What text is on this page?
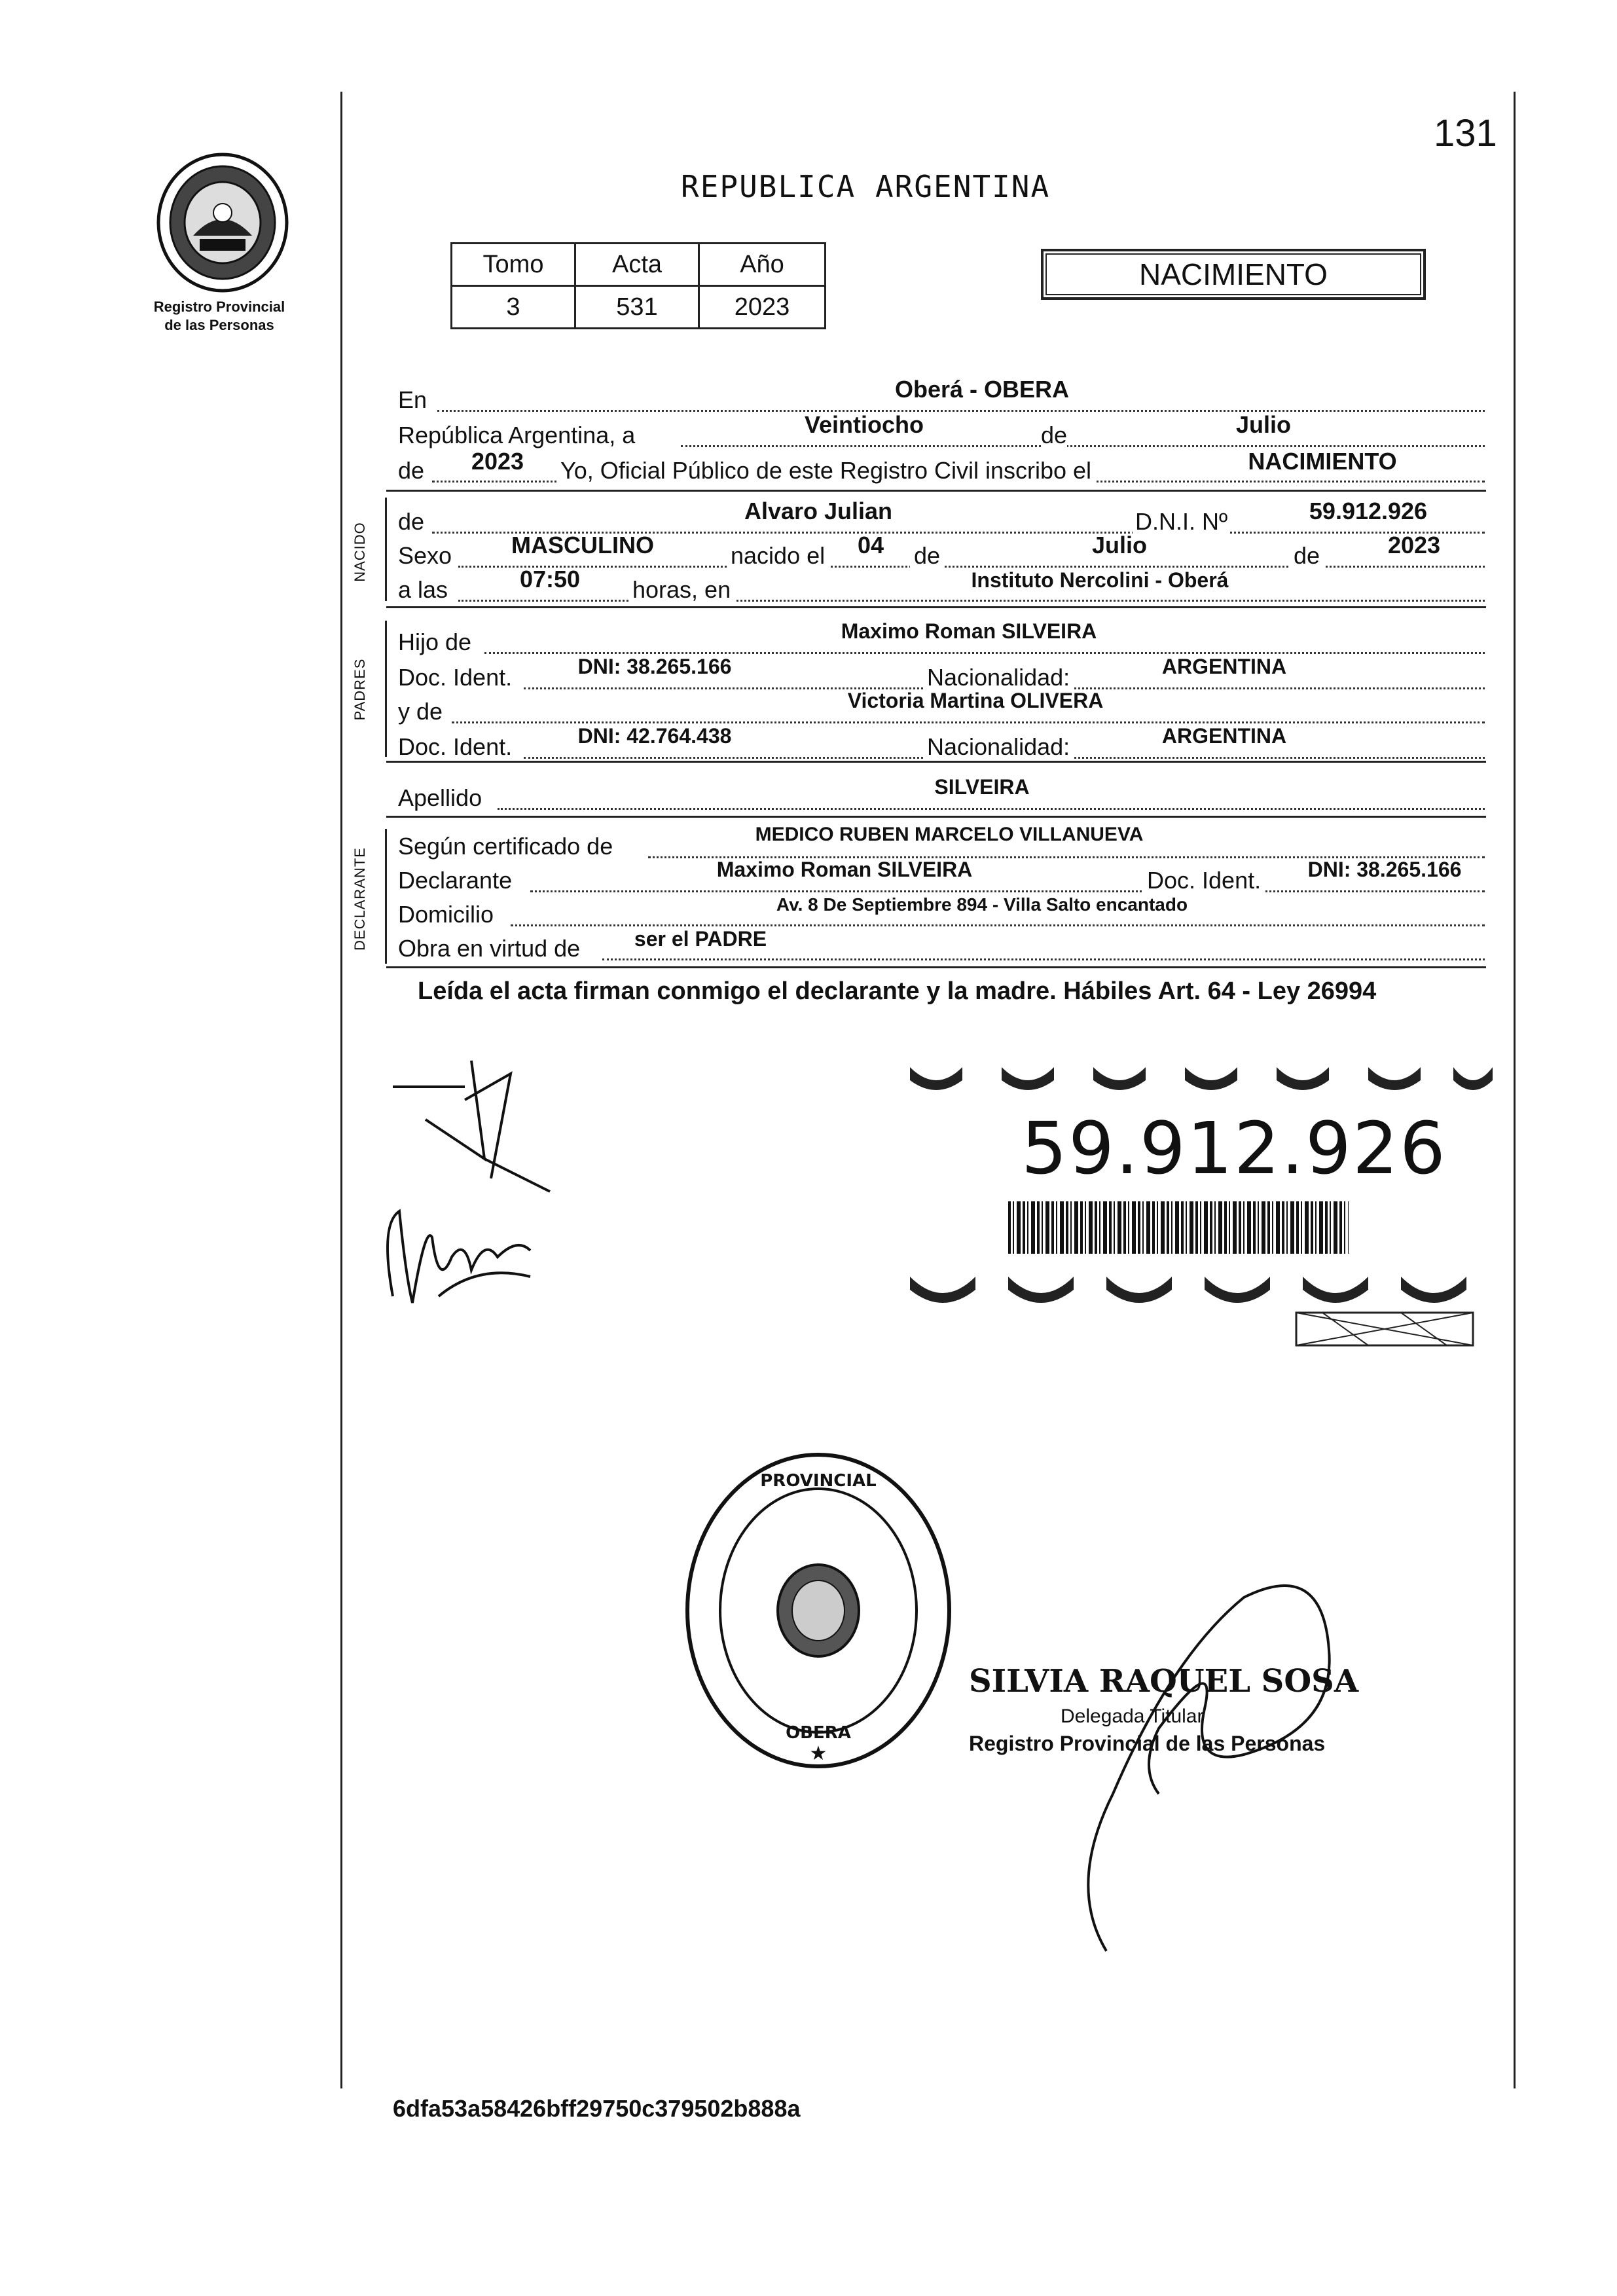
131
REPUBLICA ARGENTINA
Registro Provincial
de las Personas
Tomo	Acta	Año
3	531	2023
NACIMIENTO
En	Oberá - OBERA
República Argentina, a	Veintiocho	de	Julio
de	2023	Yo, Oficial Público de este Registro Civil inscribo el	NACIMIENTO
NACIDO
de	Alvaro Julian	D.N.I. Nº	59.912.926
Sexo	MASCULINO	nacido el	04	de	Julio	de	2023
a las	07:50	horas, en	Instituto Nercolini - Oberá
PADRES
Hijo de	Maximo Roman SILVEIRA
Doc. Ident.	DNI: 38.265.166	Nacionalidad:	ARGENTINA
y de	Victoria Martina OLIVERA
Doc. Ident.	DNI: 42.764.438	Nacionalidad:	ARGENTINA
Apellido	SILVEIRA
DECLARANTE
Según certificado de	MEDICO RUBEN MARCELO VILLANUEVA
Declarante	Maximo Roman SILVEIRA	Doc. Ident.	DNI: 38.265.166
Domicilio	Av. 8 De Septiembre 894 - Villa Salto encantado
Obra en virtud de	ser el PADRE
Leída el acta firman conmigo el declarante y la madre. Hábiles Art. 64 - Ley 26994
59.912.926
PROVINCIAL
OBERA
★
SILVIA RAQUEL SOSA
Delegada Titular
Registro Provincial de las Personas
6dfa53a58426bff29750c379502b888a
